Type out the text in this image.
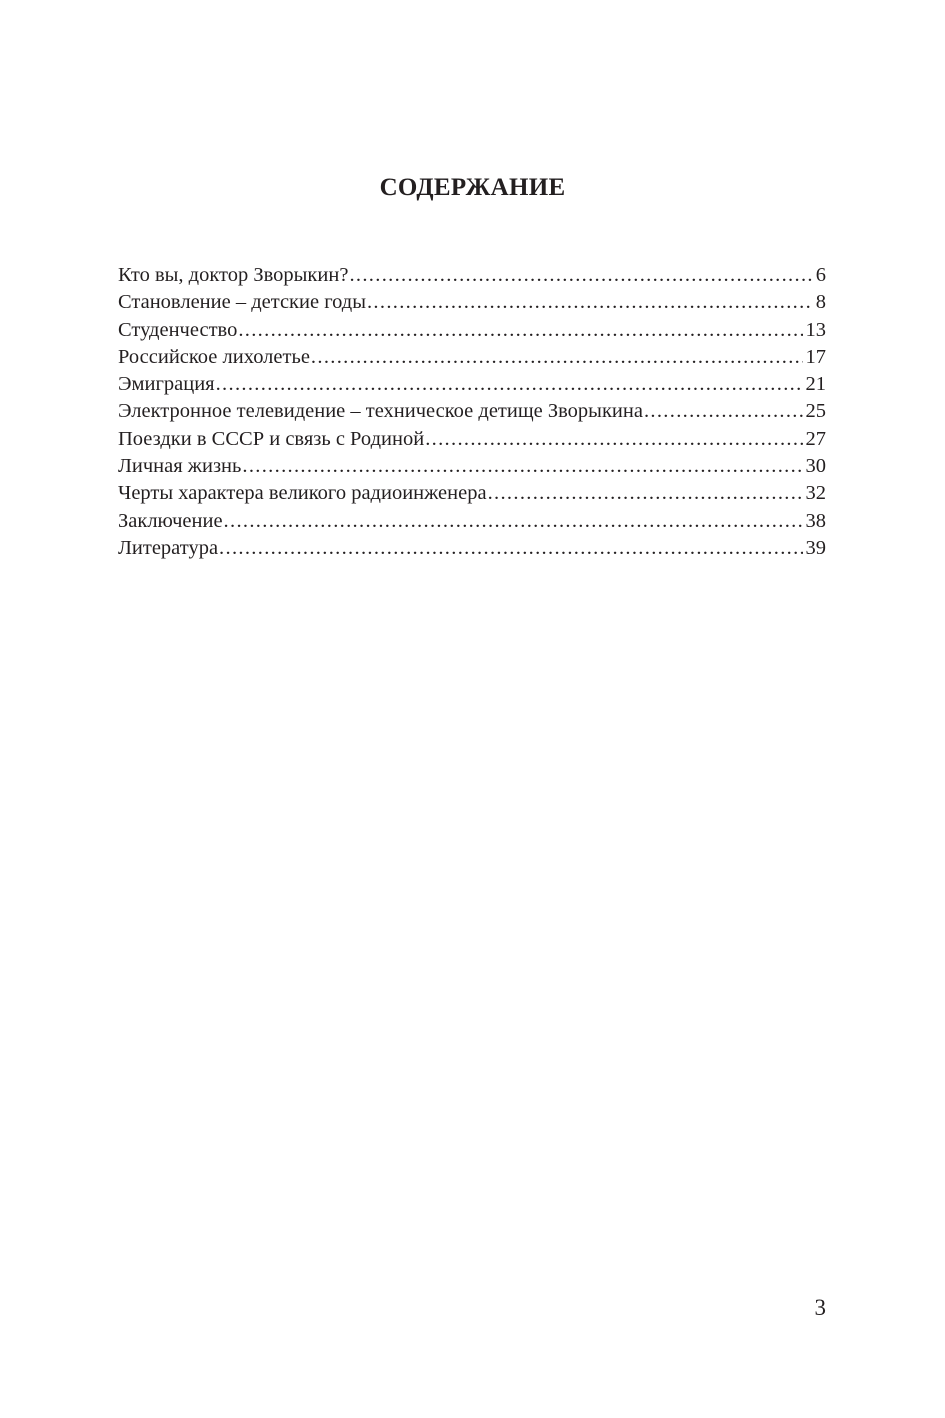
СОДЕРЖАНИЕ
Кто вы, доктор Зворыкин? . . .	6
Становление – детские годы . . .	8
Студенчество . . .	13
Российское лихолетье . . .	17
Эмиграция . . .	21
Электронное телевидение – техническое детище Зворыкина . . .	25
Поездки в СССР и связь с Родиной . . .	27
Личная жизнь . . .	30
Черты характера великого радиоинженера . . .	32
Заключение . . .	38
Литература . . .	39
3
